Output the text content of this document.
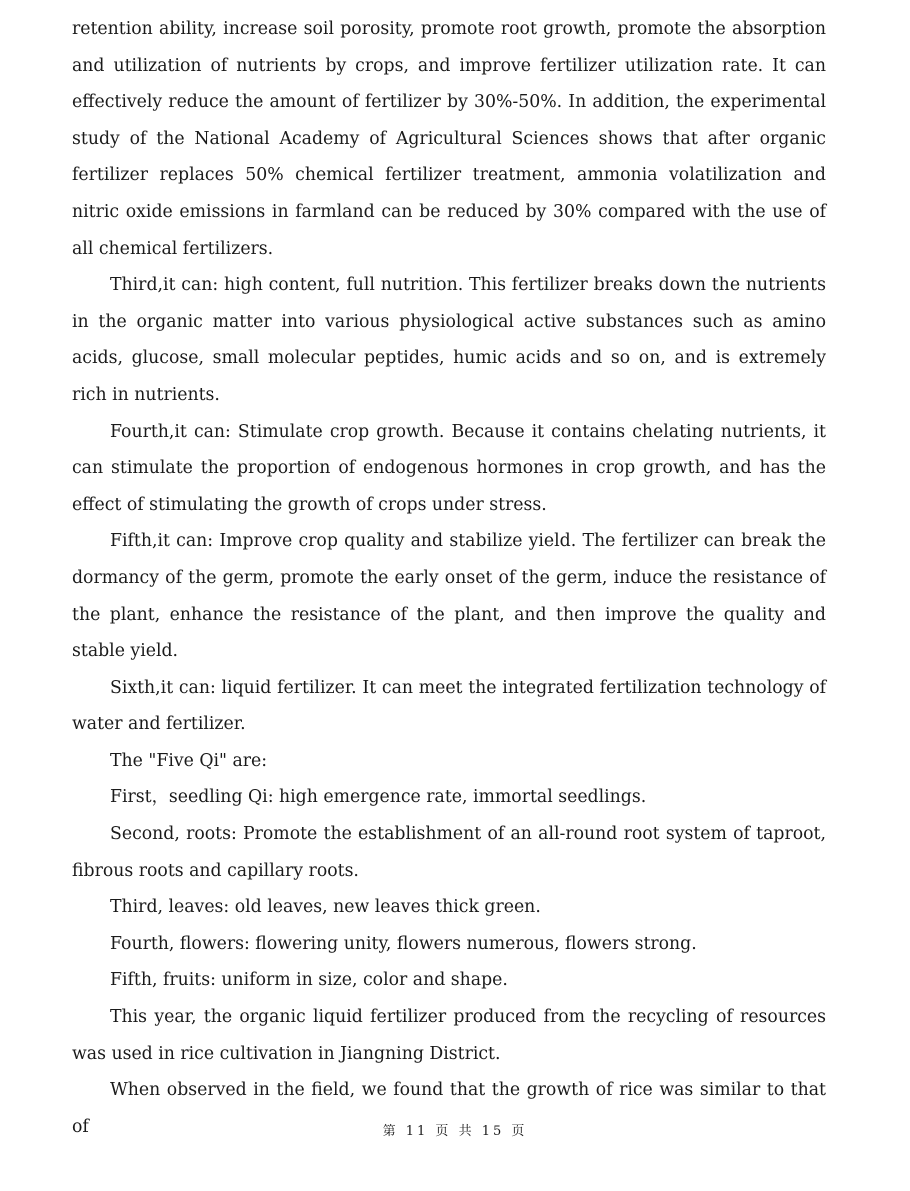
retention ability, increase soil porosity, promote root growth, promote the absorption and utilization of nutrients by crops, and improve fertilizer utilization rate. It can effectively reduce the amount of fertilizer by 30%-50%. In addition, the experimental study of the National Academy of Agricultural Sciences shows that after organic fertilizer replaces 50% chemical fertilizer treatment, ammonia volatilization and nitric oxide emissions in farmland can be reduced by 30% compared with the use of all chemical fertilizers.

Third,it can: high content, full nutrition. This fertilizer breaks down the nutrients in the organic matter into various physiological active substances such as amino acids, glucose, small molecular peptides, humic acids and so on, and is extremely rich in nutrients.

Fourth,it can: Stimulate crop growth. Because it contains chelating nutrients, it can stimulate the proportion of endogenous hormones in crop growth, and has the effect of stimulating the growth of crops under stress.

Fifth,it can: Improve crop quality and stabilize yield. The fertilizer can break the dormancy of the germ, promote the early onset of the germ, induce the resistance of the plant, enhance the resistance of the plant, and then improve the quality and stable yield.

Sixth,it can: liquid fertilizer. It can meet the integrated fertilization technology of water and fertilizer.

The "Five Qi" are:

First，seedling Qi: high emergence rate, immortal seedlings.

Second, roots: Promote the establishment of an all-round root system of taproot, fibrous roots and capillary roots.

Third, leaves: old leaves, new leaves thick green.

Fourth, flowers: flowering unity, flowers numerous, flowers strong.

Fifth, fruits: uniform in size, color and shape.

This year, the organic liquid fertilizer produced from the recycling of resources was used in rice cultivation in Jiangning District.

When observed in the field, we found that the growth of rice was similar to that of	第 11 页 共 15 页
